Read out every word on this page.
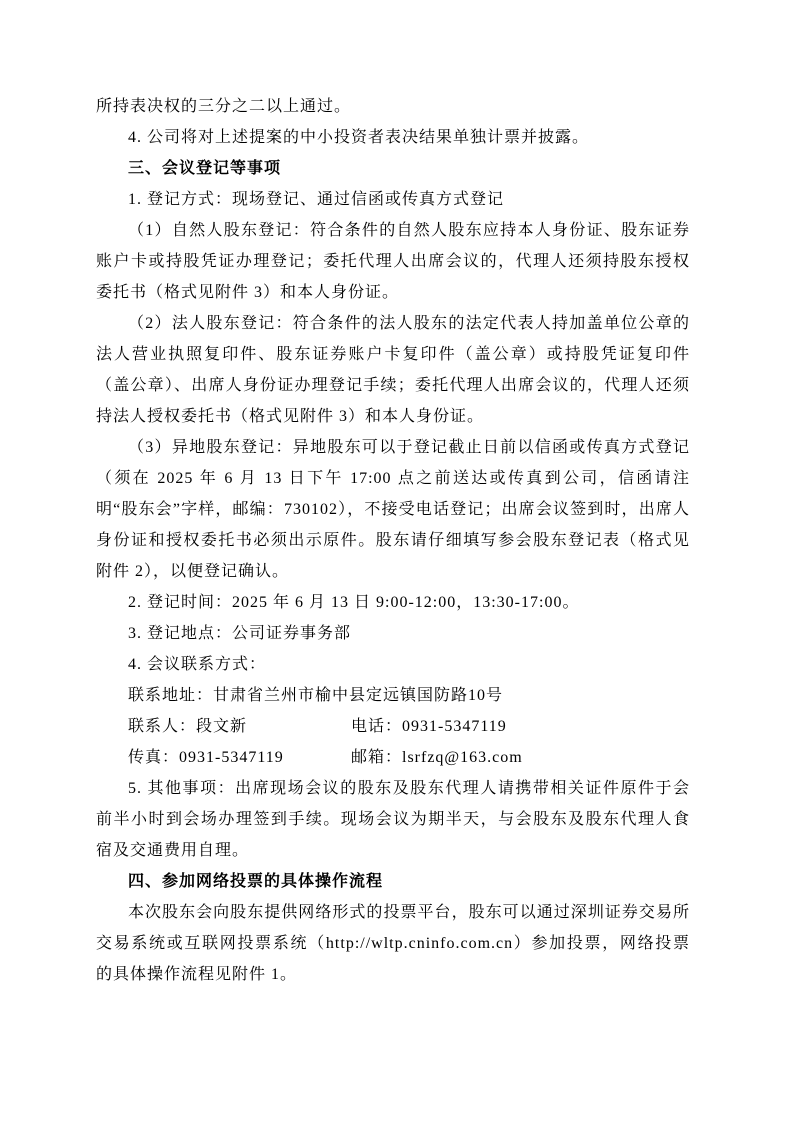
所持表决权的三分之二以上通过。

4. 公司将对上述提案的中小投资者表决结果单独计票并披露。

三、会议登记等事项

1. 登记方式：现场登记、通过信函或传真方式登记

（1）自然人股东登记：符合条件的自然人股东应持本人身份证、股东证券账户卡或持股凭证办理登记；委托代理人出席会议的，代理人还须持股东授权委托书（格式见附件 3）和本人身份证。

（2）法人股东登记：符合条件的法人股东的法定代表人持加盖单位公章的法人营业执照复印件、股东证券账户卡复印件（盖公章）或持股凭证复印件（盖公章）、出席人身份证办理登记手续；委托代理人出席会议的，代理人还须持法人授权委托书（格式见附件 3）和本人身份证。

（3）异地股东登记：异地股东可以于登记截止日前以信函或传真方式登记（须在 2025 年 6 月 13 日下午 17:00 点之前送达或传真到公司，信函请注明“股东会”字样，邮编：730102），不接受电话登记；出席会议签到时，出席人身份证和授权委托书必须出示原件。股东请仔细填写参会股东登记表（格式见附件 2），以便登记确认。

2. 登记时间：2025 年 6 月 13 日 9:00-12:00，13:30-17:00。

3. 登记地点：公司证券事务部

4. 会议联系方式：

联系地址：甘肃省兰州市榆中县定远镇国防路10号

联系人：段文新	电话：0931-5347119

传真：0931-5347119	邮箱：lsrfzq@163.com

5. 其他事项：出席现场会议的股东及股东代理人请携带相关证件原件于会前半小时到会场办理签到手续。现场会议为期半天，与会股东及股东代理人食宿及交通费用自理。

四、参加网络投票的具体操作流程

本次股东会向股东提供网络形式的投票平台，股东可以通过深圳证券交易所交易系统或互联网投票系统（http://wltp.cninfo.com.cn）参加投票，网络投票的具体操作流程见附件 1。
